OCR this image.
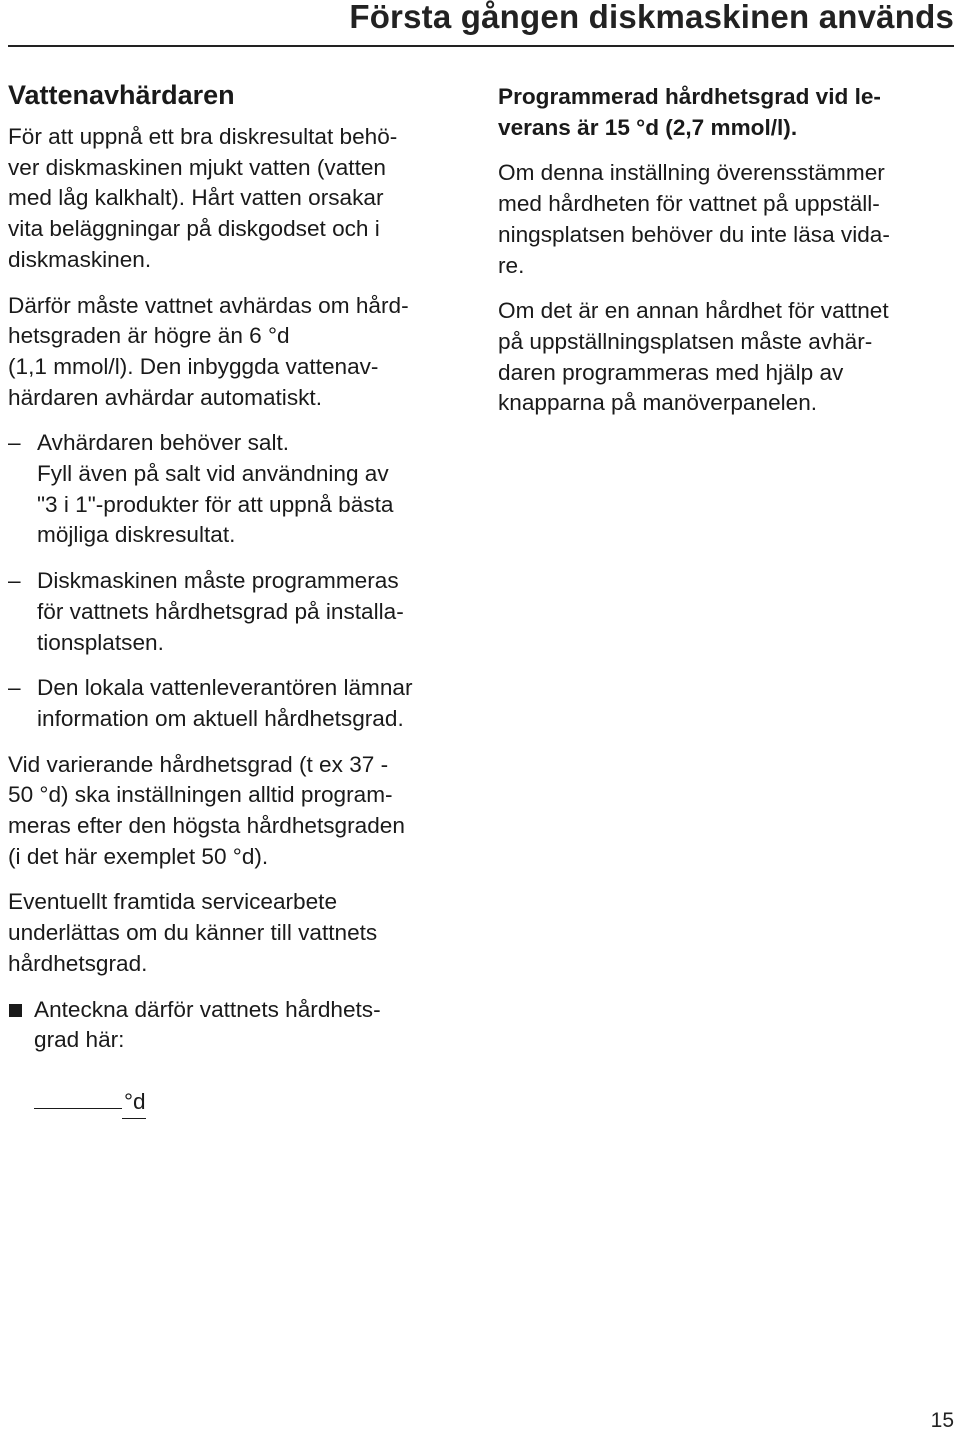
Första gången diskmaskinen används
Vattenavhärdaren

För att uppnå ett bra diskresultat behö-
ver diskmaskinen mjukt vatten (vatten
med låg kalkhalt). Hårt vatten orsakar
vita beläggningar på diskgodset och i
diskmaskinen.

Därför måste vattnet avhärdas om hård-
hetsgraden är högre än 6 °d
(1,1 mmol/l). Den inbyggda vattenav-
härdaren avhärdar automatiskt.

– Avhärdaren behöver salt.
Fyll även på salt vid användning av
"3 i 1"-produkter för att uppnå bästa
möjliga diskresultat.
– Diskmaskinen måste programmeras
för vattnets hårdhetsgrad på installa-
tionsplatsen.
– Den lokala vattenleverantören lämnar
information om aktuell hårdhetsgrad.

Vid varierande hårdhetsgrad (t ex 37 -
50 °d) ska inställningen alltid program-
meras efter den högsta hårdhetsgraden
(i det här exemplet 50 °d).

Eventuellt framtida servicearbete
underlättas om du känner till vattnets
hårdhetsgrad.

Anteckna därför vattnets hårdhets-
grad här:
°d

Programmerad hårdhetsgrad vid le-
verans är 15 °d (2,7 mmol/l).

Om denna inställning överensstämmer
med hårdheten för vattnet på uppställ-
ningsplatsen behöver du inte läsa vida-
re.

Om det är en annan hårdhet för vattnet
på uppställningsplatsen måste avhär-
daren programmeras med hjälp av
knapparna på manöverpanelen.

15
